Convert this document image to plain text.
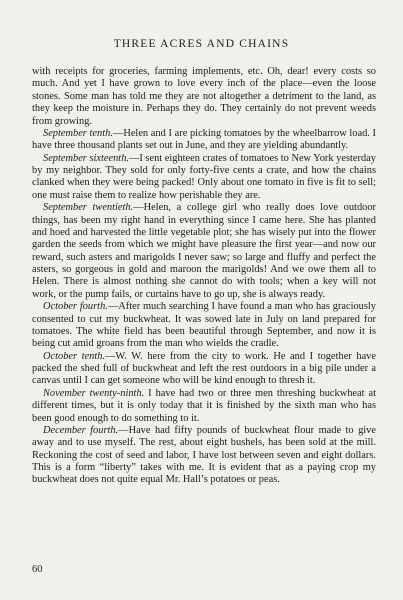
THREE ACRES AND CHAINS

with receipts for groceries, farming implements, etc. Oh, dear! every costs so much. And yet I have grown to love every inch of the place—even the loose stones. Some man has told me they are not altogether a detriment to the land, as they keep the moisture in. Perhaps they do. They certainly do not prevent weeds from growing.

September tenth.—Helen and I are picking tomatoes by the wheelbarrow load. I have three thousand plants set out in June, and they are yielding abundantly.

September sixteenth.—I sent eighteen crates of tomatoes to New York yesterday by my neighbor. They sold for only forty-five cents a crate, and how the chains clanked when they were being packed! Only about one tomato in five is fit to sell; one must raise them to realize how perishable they are.

September twentieth.—Helen, a college girl who really does love outdoor things, has been my right hand in everything since I came here. She has planted and hoed and harvested the little vegetable plot; she has wisely put into the flower garden the seeds from which we might have pleasure the first year—and now our reward, such asters and marigolds I never saw; so large and fluffy and perfect the asters, so gorgeous in gold and maroon the marigolds! And we owe them all to Helen. There is almost nothing she cannot do with tools; when a key will not work, or the pump fails, or curtains have to go up, she is always ready.

October fourth.—After much searching I have found a man who has graciously consented to cut my buckwheat. It was sowed late in July on land prepared for tomatoes. The white field has been beautiful through September, and now it is being cut amid groans from the man who wields the cradle.

October tenth.—W. W. here from the city to work. He and I together have packed the shed full of buckwheat and left the rest outdoors in a big pile under a canvas until I can get someone who will be kind enough to thresh it.

November twenty-ninth. I have had two or three men threshing buckwheat at different times, but it is only today that it is finished by the sixth man who has been good enough to do something to it.

December fourth.—Have had fifty pounds of buckwheat flour made to give away and to use myself. The rest, about eight bushels, has been sold at the mill. Reckoning the cost of seed and labor, I have lost between seven and eight dollars. This is a form “liberty” takes with me. It is evident that as a paying crop my buckwheat does not quite equal Mr. Hall’s potatoes or peas.

60
